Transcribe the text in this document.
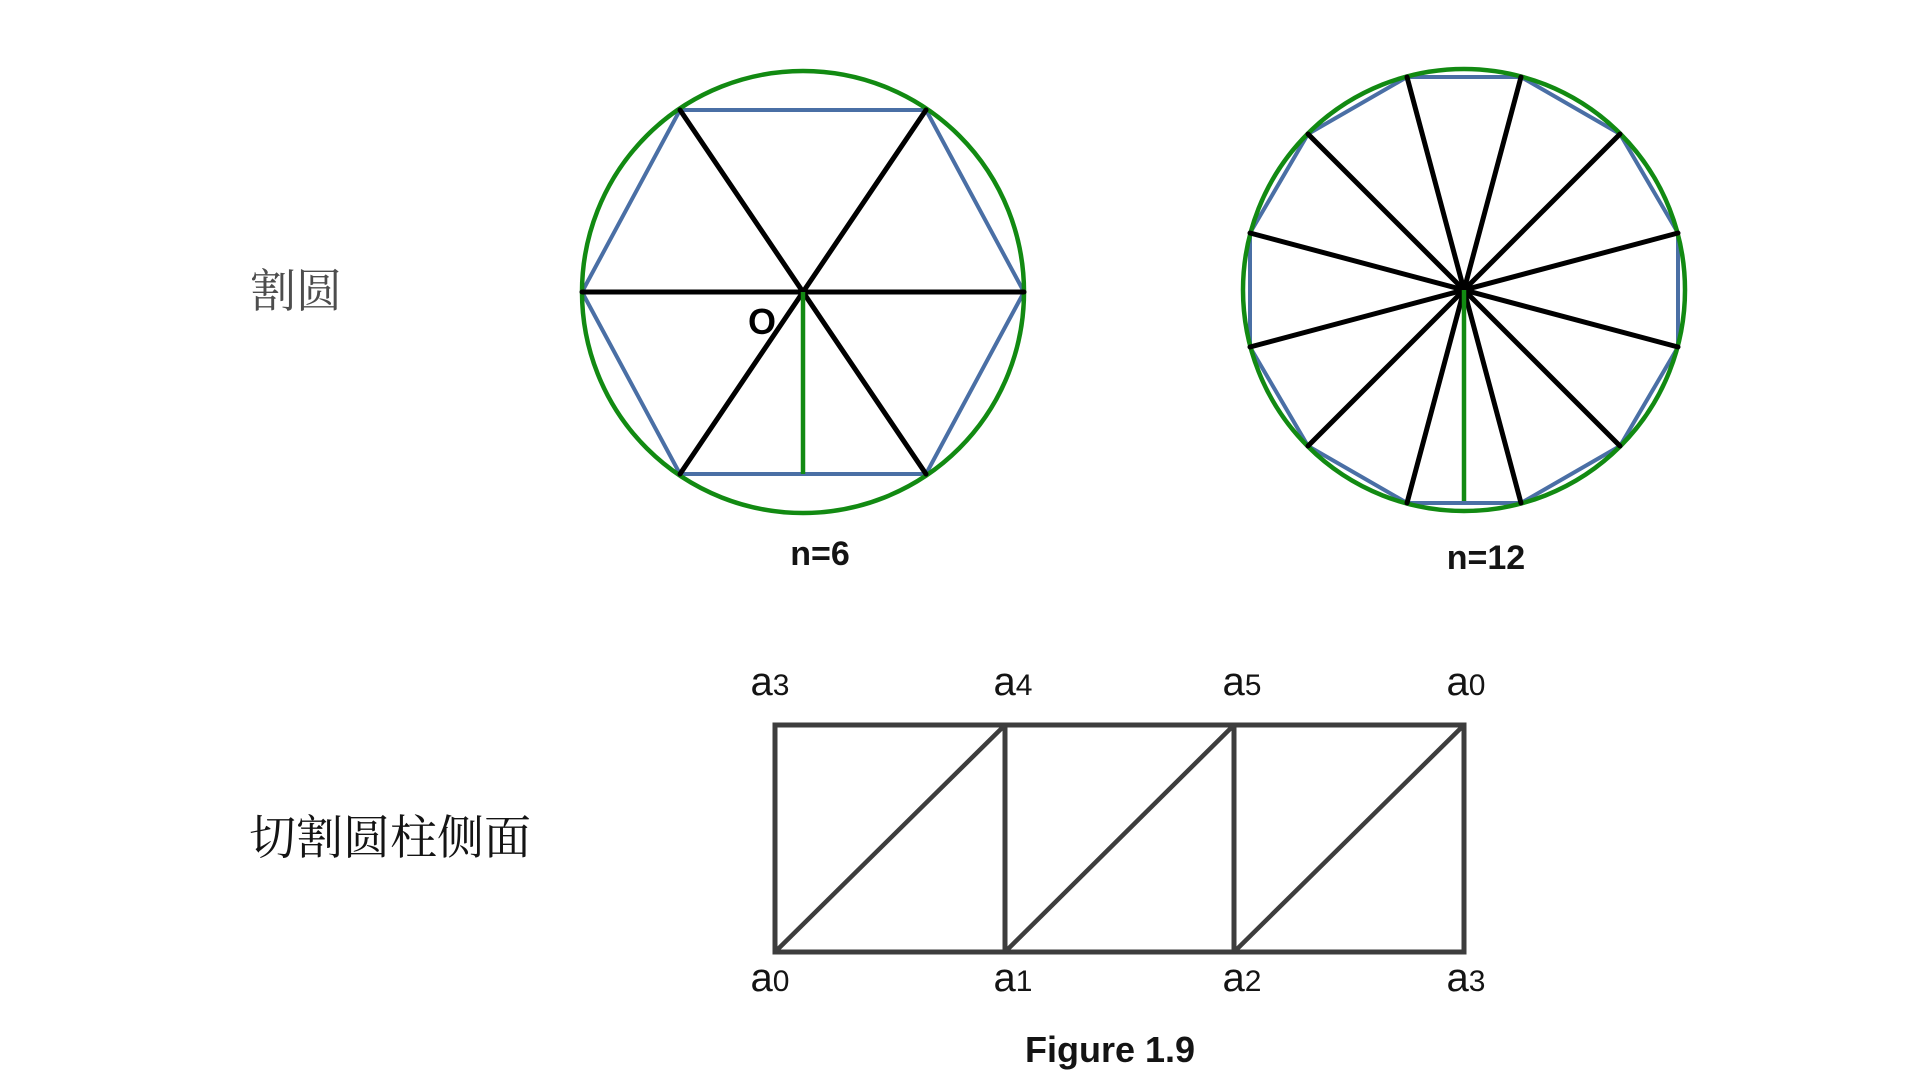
割圆
O
n=6	n=12
切割圆柱侧面
a3	a4	a5	a0
a0	a1	a2	a3
Figure 1.9
